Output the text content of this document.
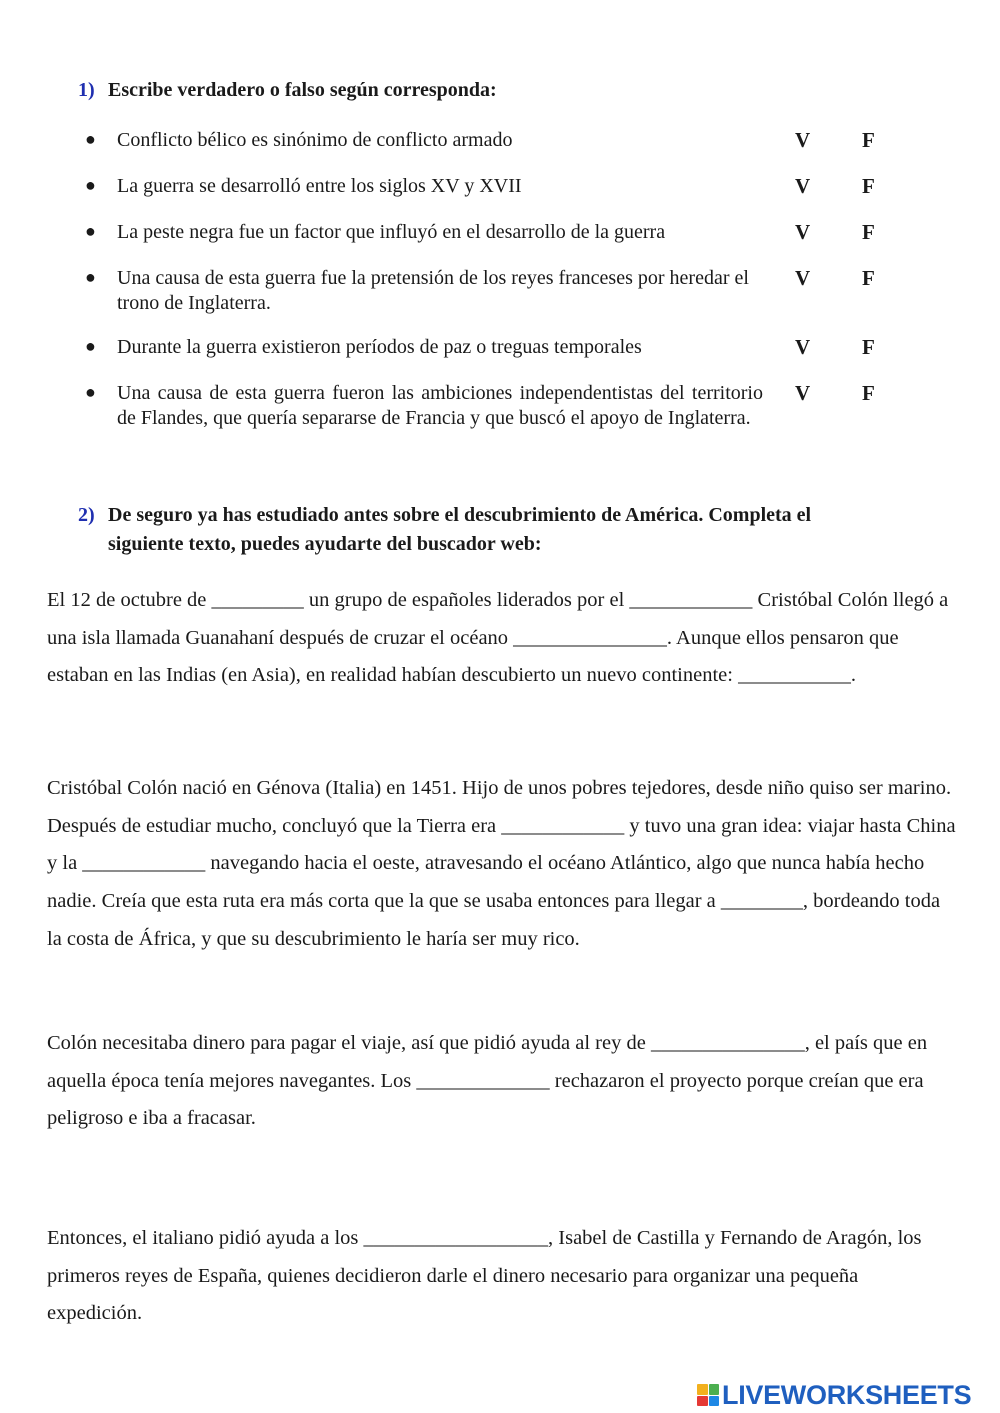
1) Escribe verdadero o falso según corresponda:
● Conflicto bélico es sinónimo de conflicto armado	V F
● La guerra se desarrolló entre los siglos XV y XVII	V F
● La peste negra fue un factor que influyó en el desarrollo de la guerra	V F
● Una causa de esta guerra fue la pretensión de los reyes franceses por heredar el trono de Inglaterra.
V F
● Durante la guerra existieron períodos de paz o treguas temporales	V F
● Una causa de esta guerra fueron las ambiciones independentistas del territorio de Flandes, que quería separarse de Francia y que buscó el apoyo de Inglaterra.
V F
2) De seguro ya has estudiado antes sobre el descubrimiento de América. Completa el siguiente texto, puedes ayudarte del buscador web:

El 12 de octubre de _________ un grupo de españoles liderados por el ____________ Cristóbal Colón llegó a una isla llamada Guanahaní después de cruzar el océano _______________. Aunque ellos pensaron que estaban en las Indias (en Asia), en realidad habían descubierto un nuevo continente: ___________.

Cristóbal Colón nació en Génova (Italia) en 1451. Hijo de unos pobres tejedores, desde niño quiso ser marino. Después de estudiar mucho, concluyó que la Tierra era ____________ y tuvo una gran idea: viajar hasta China y la ____________ navegando hacia el oeste, atravesando el océano Atlántico, algo que nunca había hecho nadie. Creía que esta ruta era más corta que la que se usaba entonces para llegar a ________, bordeando toda la costa de África, y que su descubrimiento le haría ser muy rico.

Colón necesitaba dinero para pagar el viaje, así que pidió ayuda al rey de _______________, el país que en aquella época tenía mejores navegantes. Los _____________ rechazaron el proyecto porque creían que era peligroso e iba a fracasar.

Entonces, el italiano pidió ayuda a los __________________, Isabel de Castilla y Fernando de Aragón, los primeros reyes de España, quienes decidieron darle el dinero necesario para organizar una pequeña expedición.

LIVEWORKSHEETS
